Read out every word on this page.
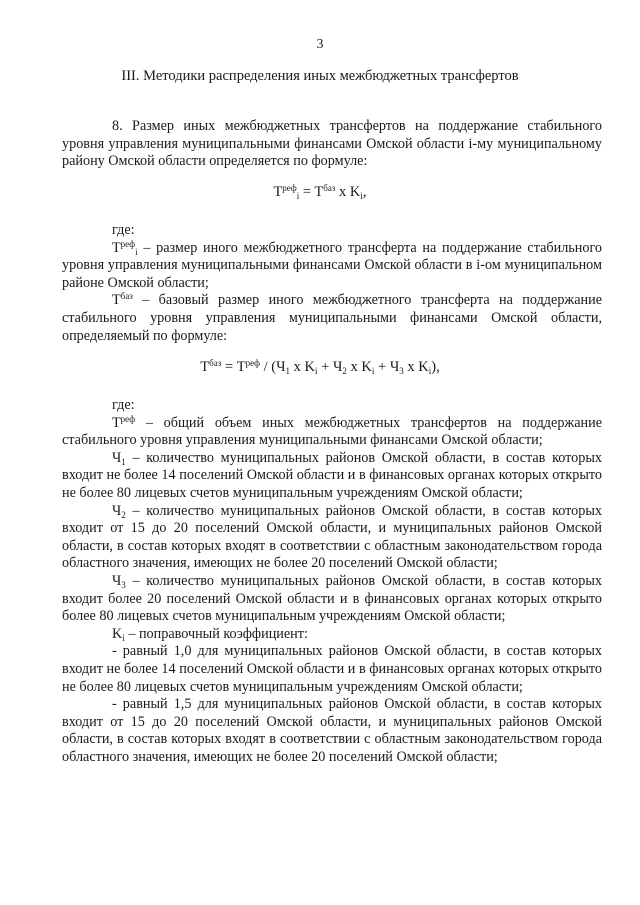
3
III. Методики распределения иных межбюджетных трансфертов

8. Размер иных межбюджетных трансфертов на поддержание стабильного уровня управления муниципальными финансами Омской области i-му муниципальному району Омской области определяется по формуле:

$T^{реф}_i = T^{баз}$ x $K_i$,

где:

$T^{реф}_i$ – размер иного межбюджетного трансферта на поддержание стабильного уровня управления муниципальными финансами Омской области в i-ом муниципальном районе Омской области;

$T^{баз}$ – базовый размер иного межбюджетного трансферта на поддержание стабильного уровня управления муниципальными финансами Омской области, определяемый по формуле:

$T^{баз} = T^{реф} / (Ч_1$ x $K_i + Ч_2$ x $K_i + Ч_3$ x $K_i$),

где:

$T^{реф}$ – общий объем иных межбюджетных трансфертов на поддержание стабильного уровня управления муниципальными финансами Омской области;

$Ч_1$ – количество муниципальных районов Омской области, в состав которых входит не более 14 поселений Омской области и в финансовых органах которых открыто не более 80 лицевых счетов муниципальным учреждениям Омской области;

$Ч_2$ – количество муниципальных районов Омской области, в состав которых входит от 15 до 20 поселений Омской области, и муниципальных районов Омской области, в состав которых входят в соответствии с областным законодательством города областного значения, имеющих не более 20 поселений Омской области;

$Ч_3$ – количество муниципальных районов Омской области, в состав которых входит более 20 поселений Омской области и в финансовых органах которых открыто более 80 лицевых счетов муниципальным учреждениям Омской области;

$K_i$ – поправочный коэффициент:

- равный 1,0 для муниципальных районов Омской области, в состав которых входит не более 14 поселений Омской области и в финансовых органах которых открыто не более 80 лицевых счетов муниципальным учреждениям Омской области;

- равный 1,5 для муниципальных районов Омской области, в состав которых входит от 15 до 20 поселений Омской области, и муниципальных районов Омской области, в состав которых входят в соответствии с областным законодательством города областного значения, имеющих не более 20 поселений Омской области;
